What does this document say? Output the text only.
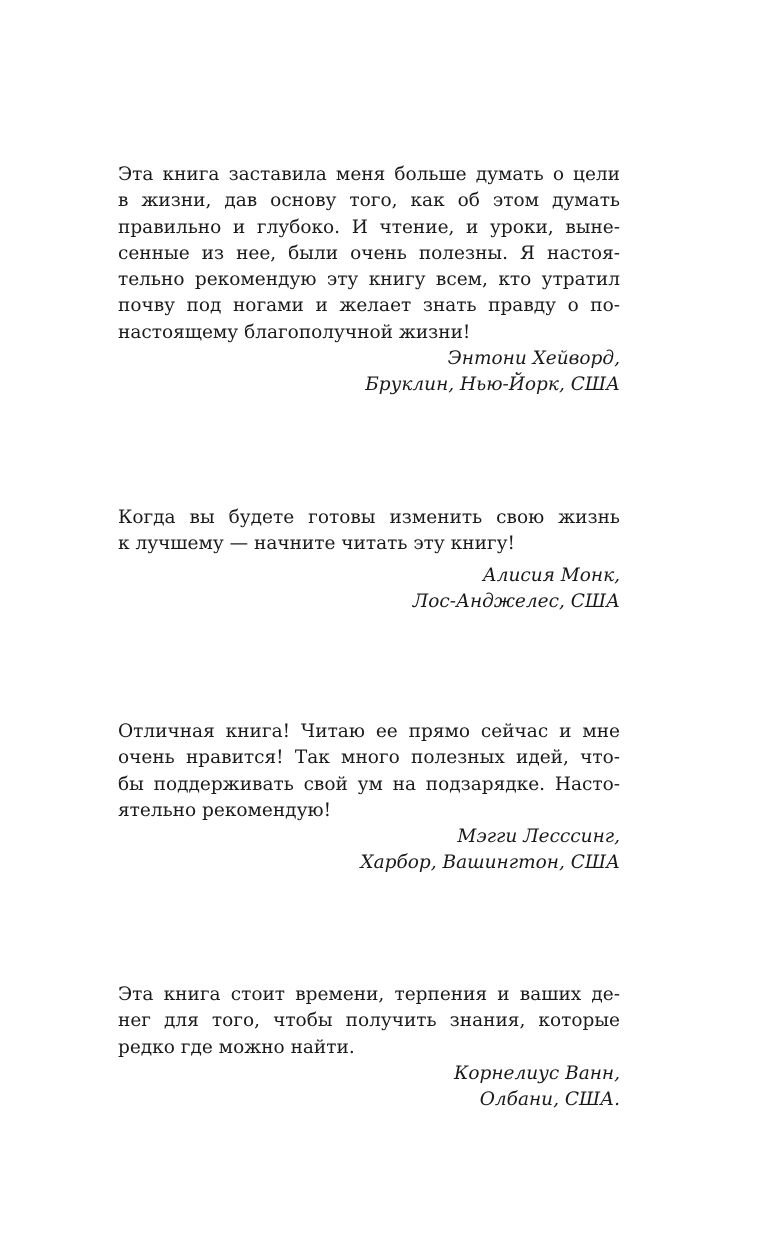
Эта книга заставила меня больше думать о цели
в жизни, дав основу того, как об этом думать
правильно и глубоко. И чтение, и уроки, выне-
сенные из нее, были очень полезны. Я настоя-
тельно рекомендую эту книгу всем, кто утратил
почву под ногами и желает знать правду о по-
настоящему благополучной жизни!
Энтони Хейворд,
Бруклин, Нью-Йорк, США
Когда вы будете готовы изменить свою жизнь
к лучшему — начните читать эту книгу!
Алисия Монк,
Лос-Анджелес, США
Отличная книга! Читаю ее прямо сейчас и мне
очень нравится! Так много полезных идей, что-
бы поддерживать свой ум на подзарядке. Насто-
ятельно рекомендую!
Мэгги Лесссинг,
Харбор, Вашингтон, США
Эта книга стоит времени, терпения и ваших де-
нег для того, чтобы получить знания, которые
редко где можно найти.
Корнелиус Ванн,
Олбани, США.
